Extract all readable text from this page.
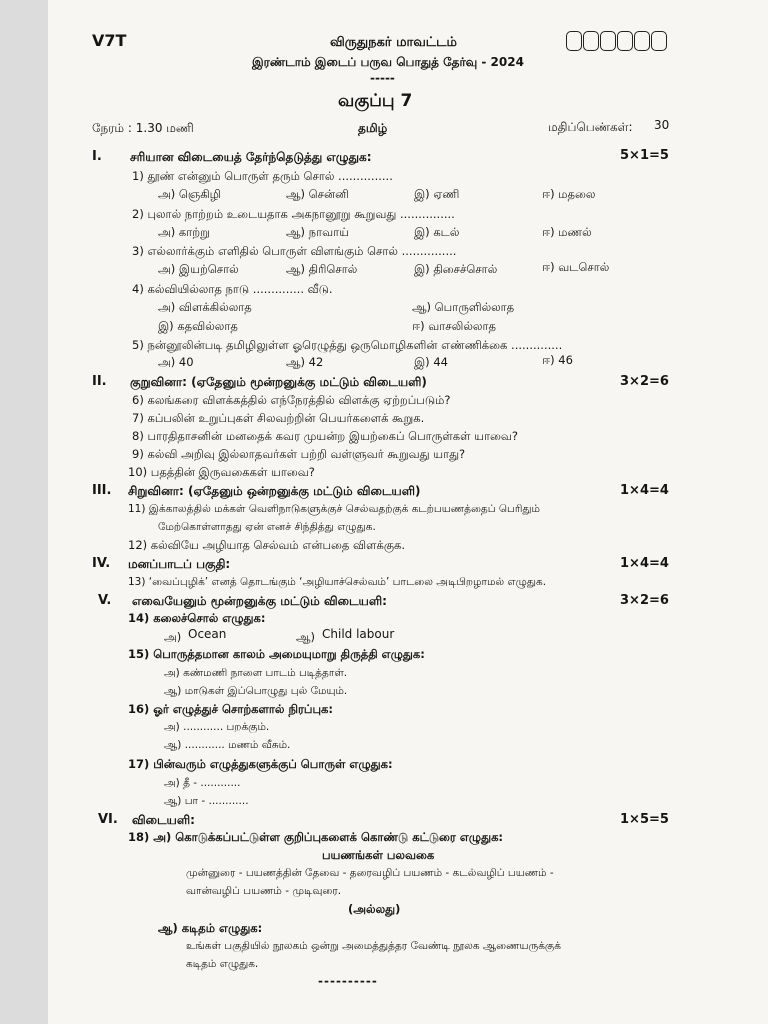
V7T	விருதுநகர் மாவட்டம்
இரண்டாம் இடைப் பருவ பொதுத் தேர்வு - 2024
-----
வகுப்பு 7
நேரம் : 1.30 மணி	தமிழ்	மதிப்பெண்கள்: 30
I. சரியான விடையைத் தேர்ந்தெடுத்து எழுதுக:	5×1=5
1) தூண் என்னும் பொருள் தரும் சொல் ...............
அ) ஞெகிழி	ஆ) சென்னி	இ) ஏணி	ஈ) மதலை
2) புலால் நாற்றம் உடையதாக அகநானூறு கூறுவது ...............
அ) காற்று	ஆ) நாவாய்	இ) கடல்	ஈ) மணல்
3) எல்லார்க்கும் எளிதில் பொருள் விளங்கும் சொல் ...............
அ) இயற்சொல்	ஆ) திரிசொல்	இ) திசைச்சொல்	ஈ) வடசொல்
4) கல்வியில்லாத நாடு .............. வீடு.
அ) விளக்கில்லாத	ஆ) பொருளில்லாத
இ) கதவில்லாத	ஈ) வாசலில்லாத
5) நன்னூலின்படி தமிழிலுள்ள ஓரெழுத்து ஒருமொழிகளின் எண்ணிக்கை ..............
அ) 40	ஆ) 42	இ) 44	ஈ) 46
II. குறுவினா: (ஏதேனும் மூன்றனுக்கு மட்டும் விடையளி)	3×2=6
6) கலங்கரை விளக்கத்தில் எந்நேரத்தில் விளக்கு ஏற்றப்படும்?
7) கப்பலின் உறுப்புகள் சிலவற்றின் பெயர்களைக் கூறுக.
8) பாரதிதாசனின் மனதைக் கவர முயன்ற இயற்கைப் பொருள்கள் யாவை?
9) கல்வி அறிவு இல்லாதவர்கள் பற்றி வள்ளுவர் கூறுவது யாது?
10) பதத்தின் இருவகைகள் யாவை?
III. சிறுவினா: (ஏதேனும் ஒன்றனுக்கு மட்டும் விடையளி)	1×4=4
11) இக்காலத்தில் மக்கள் வெளிநாடுகளுக்குச் செல்வதற்குக் கடற்பயணத்தைப் பெரிதும்
மேற்கொள்ளாதது ஏன் எனச் சிந்தித்து எழுதுக.
12) கல்வியே அழியாத செல்வம் என்பதை விளக்குக.
IV. மனப்பாடப் பகுதி:	1×4=4
13) ‘வைப்புழிக்’ எனத் தொடங்கும் ‘அழியாச்செல்வம்’ பாடலை அடிபிறழாமல் எழுதுக.
V. எவையேனும் மூன்றனுக்கு மட்டும் விடையளி:	3×2=6
14) கலைச்சொல் எழுதுக:
அ) Ocean	ஆ) Child labour
15) பொருத்தமான காலம் அமையுமாறு திருத்தி எழுதுக:
அ) கண்மணி நாளை பாடம் படித்தாள்.
ஆ) மாடுகள் இப்பொழுது புல் மேயும்.
16) ஓர் எழுத்துச் சொற்களால் நிரப்புக:
அ) ............ பறக்கும்.
ஆ) ............ மணம் வீசும்.
17) பின்வரும் எழுத்துகளுக்குப் பொருள் எழுதுக:
அ) தீ - ............
ஆ) பா - ............
VI. விடையளி:	1×5=5
18) அ) கொடுக்கப்பட்டுள்ள குறிப்புகளைக் கொண்டு கட்டுரை எழுதுக:
பயணங்கள் பலவகை
முன்னுரை - பயணத்தின் தேவை - தரைவழிப் பயணம் - கடல்வழிப் பயணம் -
வான்வழிப் பயணம் - முடிவுரை.
(அல்லது)
ஆ) கடிதம் எழுதுக:
உங்கள் பகுதியில் நூலகம் ஒன்று அமைத்துத்தர வேண்டி நூலக ஆணையருக்குக்
கடிதம் எழுதுக.
----------
